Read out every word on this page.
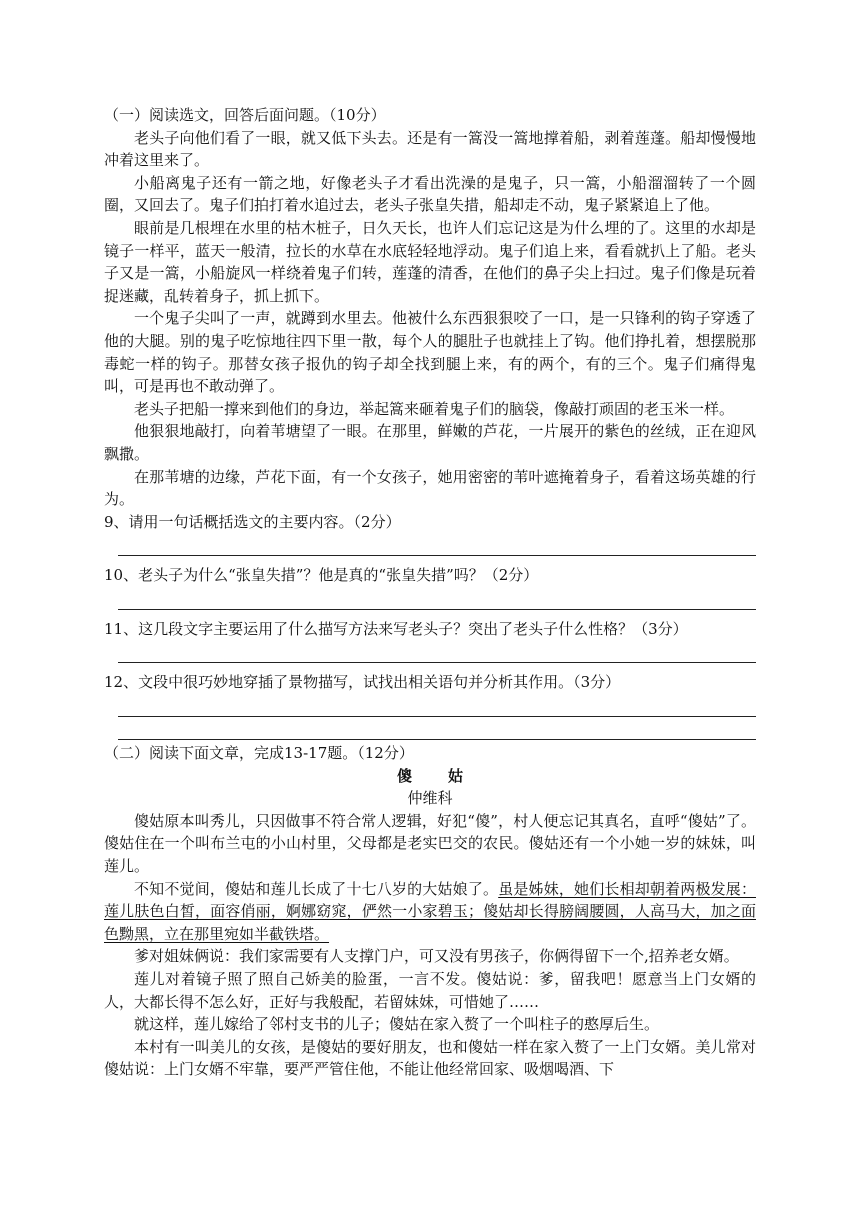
（一）阅读选文，回答后面问题。（10分）

老头子向他们看了一眼，就又低下头去。还是有一篙没一篙地撑着船，剥着莲蓬。船却慢慢地冲着这里来了。

小船离鬼子还有一箭之地，好像老头子才看出洗澡的是鬼子，只一篙，小船溜溜转了一个圆圈，又回去了。鬼子们拍打着水追过去，老头子张皇失措，船却走不动，鬼子紧紧追上了他。

眼前是几根埋在水里的枯木桩子，日久天长，也许人们忘记这是为什么埋的了。这里的水却是镜子一样平，蓝天一般清，拉长的水草在水底轻轻地浮动。鬼子们追上来，看看就扒上了船。老头子又是一篙，小船旋风一样绕着鬼子们转，莲蓬的清香，在他们的鼻子尖上扫过。鬼子们像是玩着捉迷藏，乱转着身子，抓上抓下。

一个鬼子尖叫了一声，就蹲到水里去。他被什么东西狠狠咬了一口，是一只锋利的钩子穿透了他的大腿。别的鬼子吃惊地往四下里一散，每个人的腿肚子也就挂上了钩。他们挣扎着，想摆脱那毒蛇一样的钩子。那替女孩子报仇的钩子却全找到腿上来，有的两个，有的三个。鬼子们痛得鬼叫，可是再也不敢动弹了。

老头子把船一撑来到他们的身边，举起篙来砸着鬼子们的脑袋，像敲打顽固的老玉米一样。

他狠狠地敲打，向着苇塘望了一眼。在那里，鲜嫩的芦花，一片展开的紫色的丝绒，正在迎风飘撒。

在那苇塘的边缘，芦花下面，有一个女孩子，她用密密的苇叶遮掩着身子，看着这场英雄的行为。

9、请用一句话概括选文的主要内容。（2分）

10、老头子为什么“张皇失措”？他是真的“张皇失措”吗？（2分）

11、这几段文字主要运用了什么描写方法来写老头子？突出了老头子什么性格？（3分）

12、文段中很巧妙地穿插了景物描写，试找出相关语句并分析其作用。（3分）

（二）阅读下面文章，完成13-17题。（12分）

傻 姑

仲维科

傻姑原本叫秀儿，只因做事不符合常人逻辑，好犯“傻”，村人便忘记其真名，直呼“傻姑”了。傻姑住在一个叫布兰屯的小山村里，父母都是老实巴交的农民。傻姑还有一个小她一岁的妹妹，叫莲儿。

不知不觉间，傻姑和莲儿长成了十七八岁的大姑娘了。虽是姊妹，她们长相却朝着两极发展：莲儿肤色白皙，面容俏丽，婀娜窈窕，俨然一小家碧玉；傻姑却长得膀阔腰圆，人高马大，加之面色黝黑，立在那里宛如半截铁塔。

爹对姐妹俩说：我们家需要有人支撑门户，可又没有男孩子，你俩得留下一个,招养老女婿。

莲儿对着镜子照了照自己娇美的脸蛋，一言不发。傻姑说：爹，留我吧！愿意当上门女婿的人，大都长得不怎么好，正好与我般配，若留妹妹，可惜她了……

就这样，莲儿嫁给了邻村支书的儿子；傻姑在家入赘了一个叫柱子的憨厚后生。

本村有一叫美儿的女孩，是傻姑的要好朋友，也和傻姑一样在家入赘了一上门女婿。美儿常对傻姑说：上门女婿不牢靠，要严严管住他，不能让他经常回家、吸烟喝酒、下
